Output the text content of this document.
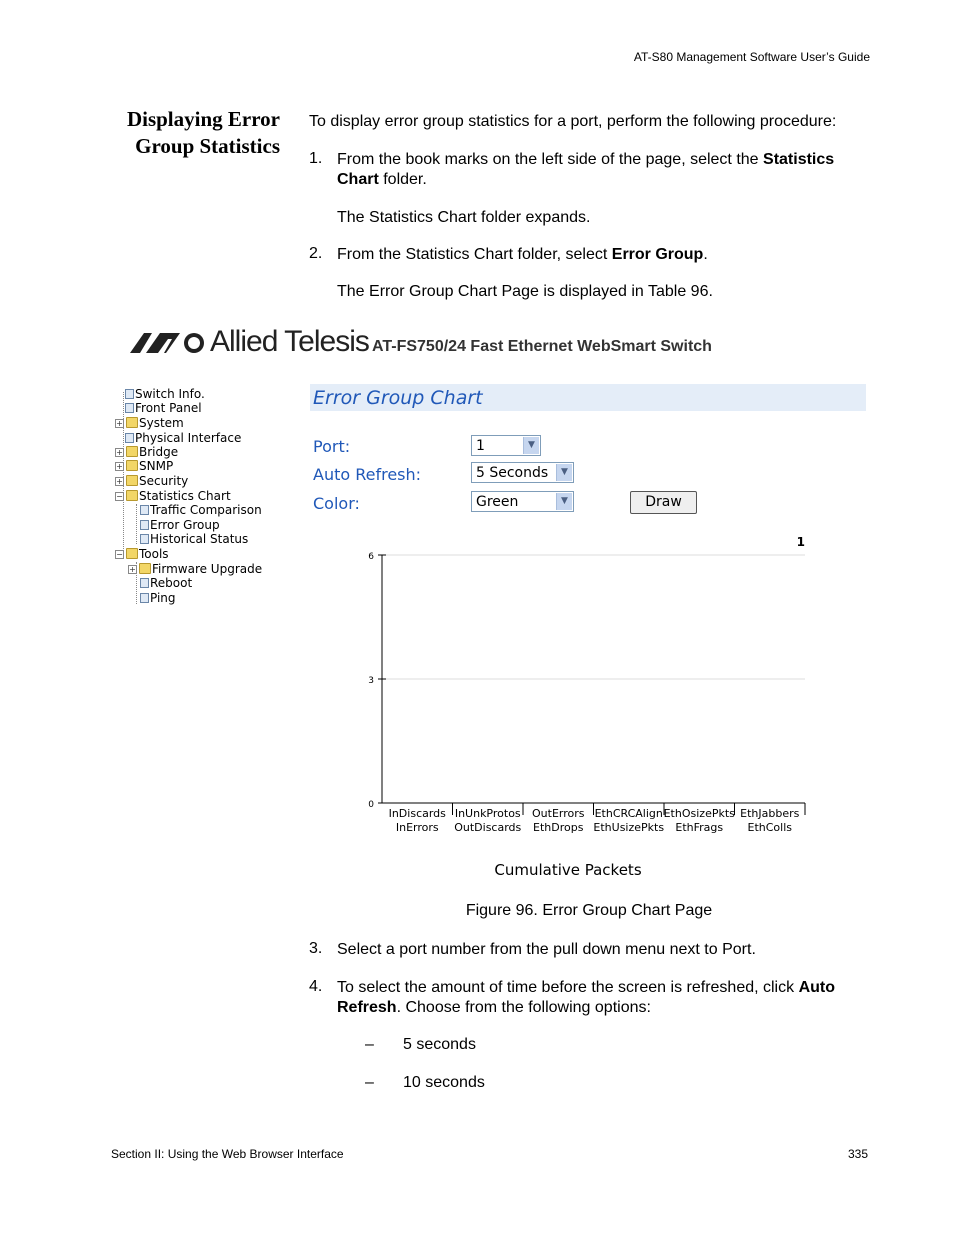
AT-S80 Management Software User’s Guide
Displaying Error
Group Statistics
To display error group statistics for a port, perform the following procedure:
1. From the book marks on the left side of the page, select the Statistics
Chart folder.
The Statistics Chart folder expands.
2. From the Statistics Chart folder, select Error Group.
The Error Group Chart Page is displayed in Table 96.
Allied Telesis AT-FS750/24 Fast Ethernet WebSmart Switch
Switch Info.
Front Panel
+ System
Physical Interface
+ Bridge
+ SNMP
+ Security
− Statistics Chart
Traffic Comparison
Error Group
Historical Status
− Tools
+ Firmware Upgrade
Reboot
Ping
Error Group Chart
Port:	1	▼
Auto Refresh:	5 Seconds	▼
Color:	Green	▼	Draw
0
3
6
InDiscards
InErrors
InUnkProtos
OutDiscards
OutErrors
EthDrops
EthCRCAlign
EthUsizePkts
EthOsizePkts
EthFrags
EthJabbers
EthColls
1
Cumulative Packets
Figure 96. Error Group Chart Page
3. Select a port number from the pull down menu next to Port.
4. To select the amount of time before the screen is refreshed, click Auto
Refresh. Choose from the following options:
– 5 seconds
– 10 seconds
Section II: Using the Web Browser Interface	335
